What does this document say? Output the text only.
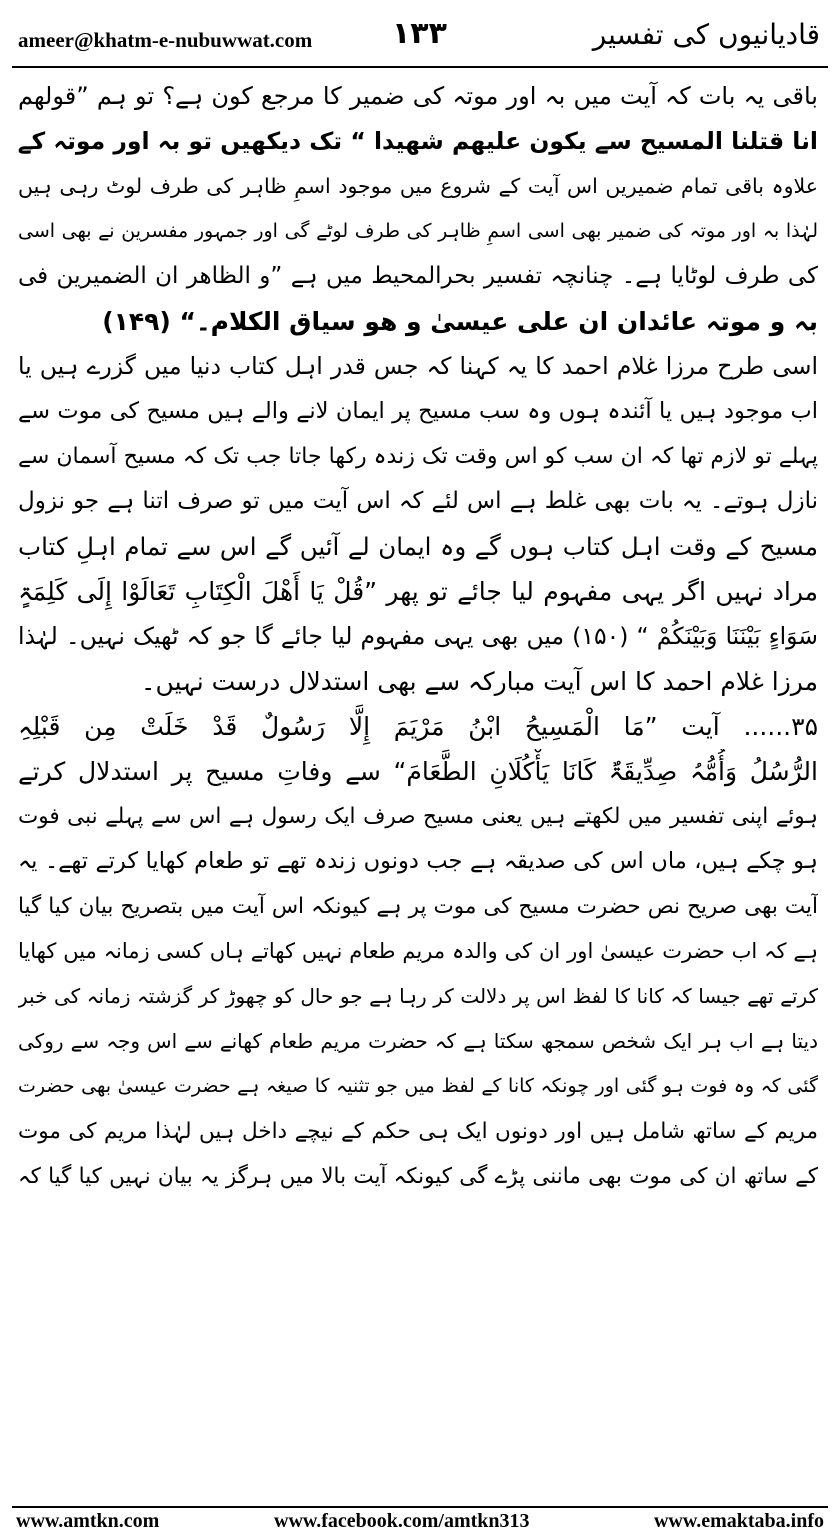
ameer@khatm-e-nubuwwat.com	۱۳۳	قادیانیوں کی تفسیر
باقی یہ بات کہ آیت میں بہ اور موتہ کی ضمیر کا مرجع کون ہے؟ تو ہم ”قولھم
انا قتلنا المسیح سے یکون علیھم شھیدا “ تک دیکھیں تو بہ اور موتہ کے
علاوہ باقی تمام ضمیریں اس آیت کے شروع میں موجود اسمِ ظاہر کی طرف لوٹ رہی ہیں
لہٰذا بہ اور موتہ کی ضمیر بھی اسی اسمِ ظاہر کی طرف لوٹے گی اور جمہور مفسرین نے بھی اسی
کی طرف لوٹایا ہے۔ چنانچہ تفسیر بحرالمحیط میں ہے ”و الظاھر ان الضمیرین فی
بہ و موتہ عائدان ان علی عیسیٰ و ھو سیاق الکلام۔“ (۱۴۹)
اسی طرح مرزا غلام احمد کا یہ کہنا کہ جس قدر اہل کتاب دنیا میں گزرے ہیں یا
اب موجود ہیں یا آئندہ ہوں وہ سب مسیح پر ایمان لانے والے ہیں مسیح کی موت سے
پہلے تو لازم تھا کہ ان سب کو اس وقت تک زندہ رکھا جاتا جب تک کہ مسیح آسمان سے
نازل ہوتے۔ یہ بات بھی غلط ہے اس لئے کہ اس آیت میں تو صرف اتنا ہے جو نزول
مسیح کے وقت اہل کتاب ہوں گے وہ ایمان لے آئیں گے اس سے تمام اہلِ کتاب
مراد نہیں اگر یہی مفہوم لیا جائے تو پھر ”قُلْ یَا أَھْلَ الْکِتَابِ تَعَالَوْا إِلَی کَلِمَۃٍ
سَوَاءٍ بَیْنَنَا وَبَیْنَکُمْ “ (۱۵۰) میں بھی یہی مفہوم لیا جائے گا جو کہ ٹھیک نہیں۔ لہٰذا
مرزا غلام احمد کا اس آیت مبارکہ سے بھی استدلال درست نہیں۔
۳۵...... آیت ”مَا الْمَسِیحُ ابْنُ مَرْیَمَ إِلَّا رَسُولٌ قَدْ خَلَتْ مِن قَبْلِہِ
الرُّسُلُ وَأُمُّہُ صِدِّیقَۃٌ کَانَا یَأْکُلَانِ الطَّعَامَ“ سے وفاتِ مسیح پر استدلال کرتے
ہوئے اپنی تفسیر میں لکھتے ہیں یعنی مسیح صرف ایک رسول ہے اس سے پہلے نبی فوت
ہو چکے ہیں، ماں اس کی صدیقہ ہے جب دونوں زندہ تھے تو طعام کھایا کرتے تھے۔ یہ
آیت بھی صریح نص حضرت مسیح کی موت پر ہے کیونکہ اس آیت میں بتصریح بیان کیا گیا
ہے کہ اب حضرت عیسیٰ اور ان کی والدہ مریم طعام نہیں کھاتے ہاں کسی زمانہ میں کھایا
کرتے تھے جیسا کہ کانا کا لفظ اس پر دلالت کر رہا ہے جو حال کو چھوڑ کر گزشتہ زمانہ کی خبر
دیتا ہے اب ہر ایک شخص سمجھ سکتا ہے کہ حضرت مریم طعام کھانے سے اس وجہ سے روکی
گئی کہ وہ فوت ہو گئی اور چونکہ کانا کے لفظ میں جو تثنیہ کا صیغہ ہے حضرت عیسیٰ بھی حضرت
مریم کے ساتھ شامل ہیں اور دونوں ایک ہی حکم کے نیچے داخل ہیں لہٰذا مریم کی موت
کے ساتھ ان کی موت بھی ماننی پڑے گی کیونکہ آیت بالا میں ہرگز یہ بیان نہیں کیا گیا کہ
www.amtkn.com	www.facebook.com/amtkn313	www.emaktaba.info
